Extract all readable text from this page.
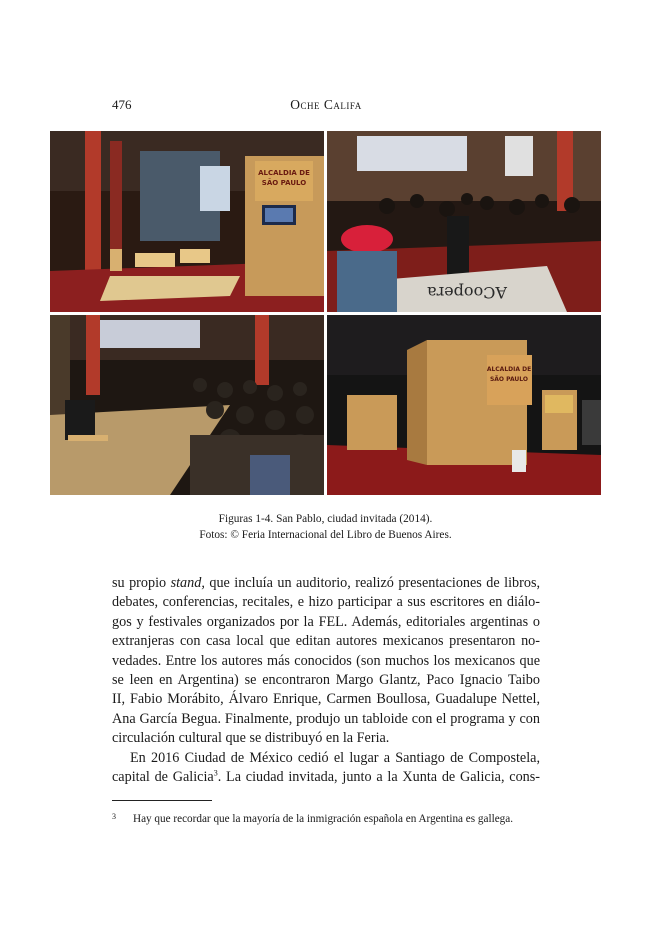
476	Oche Califa
ALCALDIA DE
SÃO PAULO
ACoopera
ALCALDIA DE
SÃO PAULO
Figuras 1-4. San Pablo, ciudad invitada (2014).
Fotos: © Feria Internacional del Libro de Buenos Aires.
su propio stand, que incluía un auditorio, realizó presentaciones de libros,
debates, conferencias, recitales, e hizo participar a sus escritores en diálo-
gos y festivales organizados por la FEL. Además, editoriales argentinas o
extranjeras con casa local que editan autores mexicanos presentaron no-
vedades. Entre los autores más conocidos (son muchos los mexicanos que
se leen en Argentina) se encontraron Margo Glantz, Paco Ignacio Taibo
II, Fabio Morábito, Álvaro Enrique, Carmen Boullosa, Guadalupe Nettel,
Ana García Begua. Finalmente, produjo un tabloide con el programa y con
circulación cultural que se distribuyó en la Feria.
En 2016 Ciudad de México cedió el lugar a Santiago de Compostela,
capital de Galicia$^3$. La ciudad invitada, junto a la Xunta de Galicia, cons-
3 Hay que recordar que la mayoría de la inmigración española en Argentina es gallega.
